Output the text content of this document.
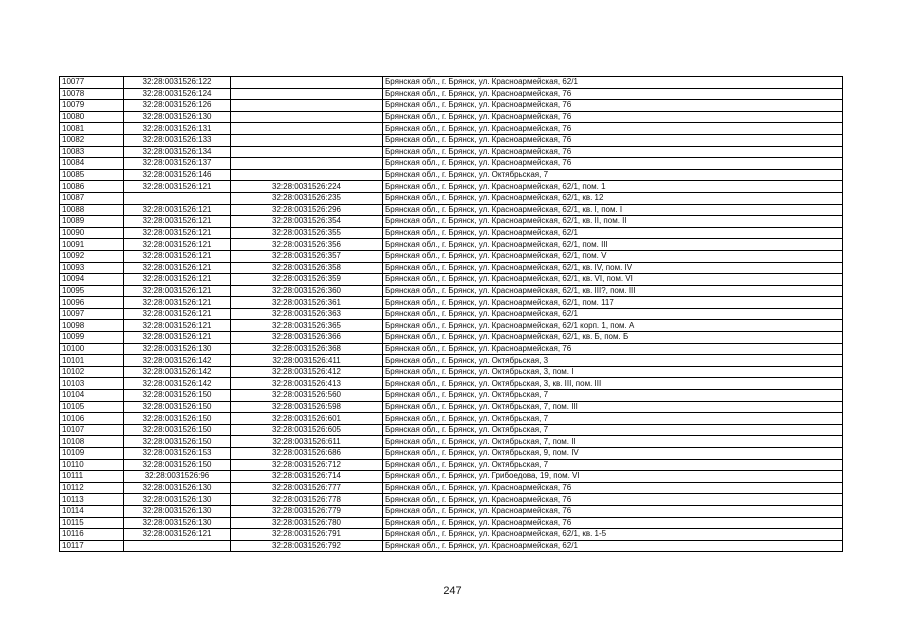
10077	32:28:0031526:122		Брянская обл., г. Брянск, ул. Красноармейская, 62/1
10078	32:28:0031526:124		Брянская обл., г. Брянск, ул. Красноармейская, 76
10079	32:28:0031526:126		Брянская обл., г. Брянск, ул. Красноармейская, 76
10080	32:28:0031526:130		Брянская обл., г. Брянск, ул. Красноармейская, 76
10081	32:28:0031526:131		Брянская обл., г. Брянск, ул. Красноармейская, 76
10082	32:28:0031526:133		Брянская обл., г. Брянск, ул. Красноармейская, 76
10083	32:28:0031526:134		Брянская обл., г. Брянск, ул. Красноармейская, 76
10084	32:28:0031526:137		Брянская обл., г. Брянск, ул. Красноармейская, 76
10085	32:28:0031526:146		Брянская обл., г. Брянск, ул. Октябрьская, 7
10086	32:28:0031526:121	32:28:0031526:224	Брянская обл., г. Брянск, ул. Красноармейская, 62/1, пом. 1
10087		32:28:0031526:235	Брянская обл., г. Брянск, ул. Красноармейская, 62/1, кв. 12
10088	32:28:0031526:121	32:28:0031526:296	Брянская обл., г. Брянск, ул. Красноармейская, 62/1, кв. I, пом. I
10089	32:28:0031526:121	32:28:0031526:354	Брянская обл., г. Брянск, ул. Красноармейская, 62/1, кв. II, пом. II
10090	32:28:0031526:121	32:28:0031526:355	Брянская обл., г. Брянск, ул. Красноармейская, 62/1
10091	32:28:0031526:121	32:28:0031526:356	Брянская обл., г. Брянск, ул. Красноармейская, 62/1, пом. III
10092	32:28:0031526:121	32:28:0031526:357	Брянская обл., г. Брянск, ул. Красноармейская, 62/1, пом. V
10093	32:28:0031526:121	32:28:0031526:358	Брянская обл., г. Брянск, ул. Красноармейская, 62/1, кв. IV, пом. IV
10094	32:28:0031526:121	32:28:0031526:359	Брянская обл., г. Брянск, ул. Красноармейская, 62/1, кв. VI, пом. VI
10095	32:28:0031526:121	32:28:0031526:360	Брянская обл., г. Брянск, ул. Красноармейская, 62/1, кв. III?, пом. III
10096	32:28:0031526:121	32:28:0031526:361	Брянская обл., г. Брянск, ул. Красноармейская, 62/1, пом. 117
10097	32:28:0031526:121	32:28:0031526:363	Брянская обл., г. Брянск, ул. Красноармейская, 62/1
10098	32:28:0031526:121	32:28:0031526:365	Брянская обл., г. Брянск, ул. Красноармейская, 62/1 корп. 1, пом. А
10099	32:28:0031526:121	32:28:0031526:366	Брянская обл., г. Брянск, ул. Красноармейская, 62/1, кв. Б, пом. Б
10100	32:28:0031526:130	32:28:0031526:368	Брянская обл., г. Брянск, ул. Красноармейская, 76
10101	32:28:0031526:142	32:28:0031526:411	Брянская обл., г. Брянск, ул. Октябрьская, 3
10102	32:28:0031526:142	32:28:0031526:412	Брянская обл., г. Брянск, ул. Октябрьская, 3, пом. I
10103	32:28:0031526:142	32:28:0031526:413	Брянская обл., г. Брянск, ул. Октябрьская, 3, кв. III, пом. III
10104	32:28:0031526:150	32:28:0031526:560	Брянская обл., г. Брянск, ул. Октябрьская, 7
10105	32:28:0031526:150	32:28:0031526:598	Брянская обл., г. Брянск, ул. Октябрьская, 7, пом. III
10106	32:28:0031526:150	32:28:0031526:601	Брянская обл., г. Брянск, ул. Октябрьская, 7
10107	32:28:0031526:150	32:28:0031526:605	Брянская обл., г. Брянск, ул. Октябрьская, 7
10108	32:28:0031526:150	32:28:0031526:611	Брянская обл., г. Брянск, ул. Октябрьская, 7, пом. II
10109	32:28:0031526:153	32:28:0031526:686	Брянская обл., г. Брянск, ул. Октябрьская, 9, пом. IV
10110	32:28:0031526:150	32:28:0031526:712	Брянская обл., г. Брянск, ул. Октябрьская, 7
10111	32:28:0031526:96	32:28:0031526:714	Брянская обл., г. Брянск, ул. Грибоедова, 19, пом. VI
10112	32:28:0031526:130	32:28:0031526:777	Брянская обл., г. Брянск, ул. Красноармейская, 76
10113	32:28:0031526:130	32:28:0031526:778	Брянская обл., г. Брянск, ул. Красноармейская, 76
10114	32:28:0031526:130	32:28:0031526:779	Брянская обл., г. Брянск, ул. Красноармейская, 76
10115	32:28:0031526:130	32:28:0031526:780	Брянская обл., г. Брянск, ул. Красноармейская, 76
10116	32:28:0031526:121	32:28:0031526:791	Брянская обл., г. Брянск, ул. Красноармейская, 62/1, кв. 1-5
10117		32:28:0031526:792	Брянская обл., г. Брянск, ул. Красноармейская, 62/1
247
